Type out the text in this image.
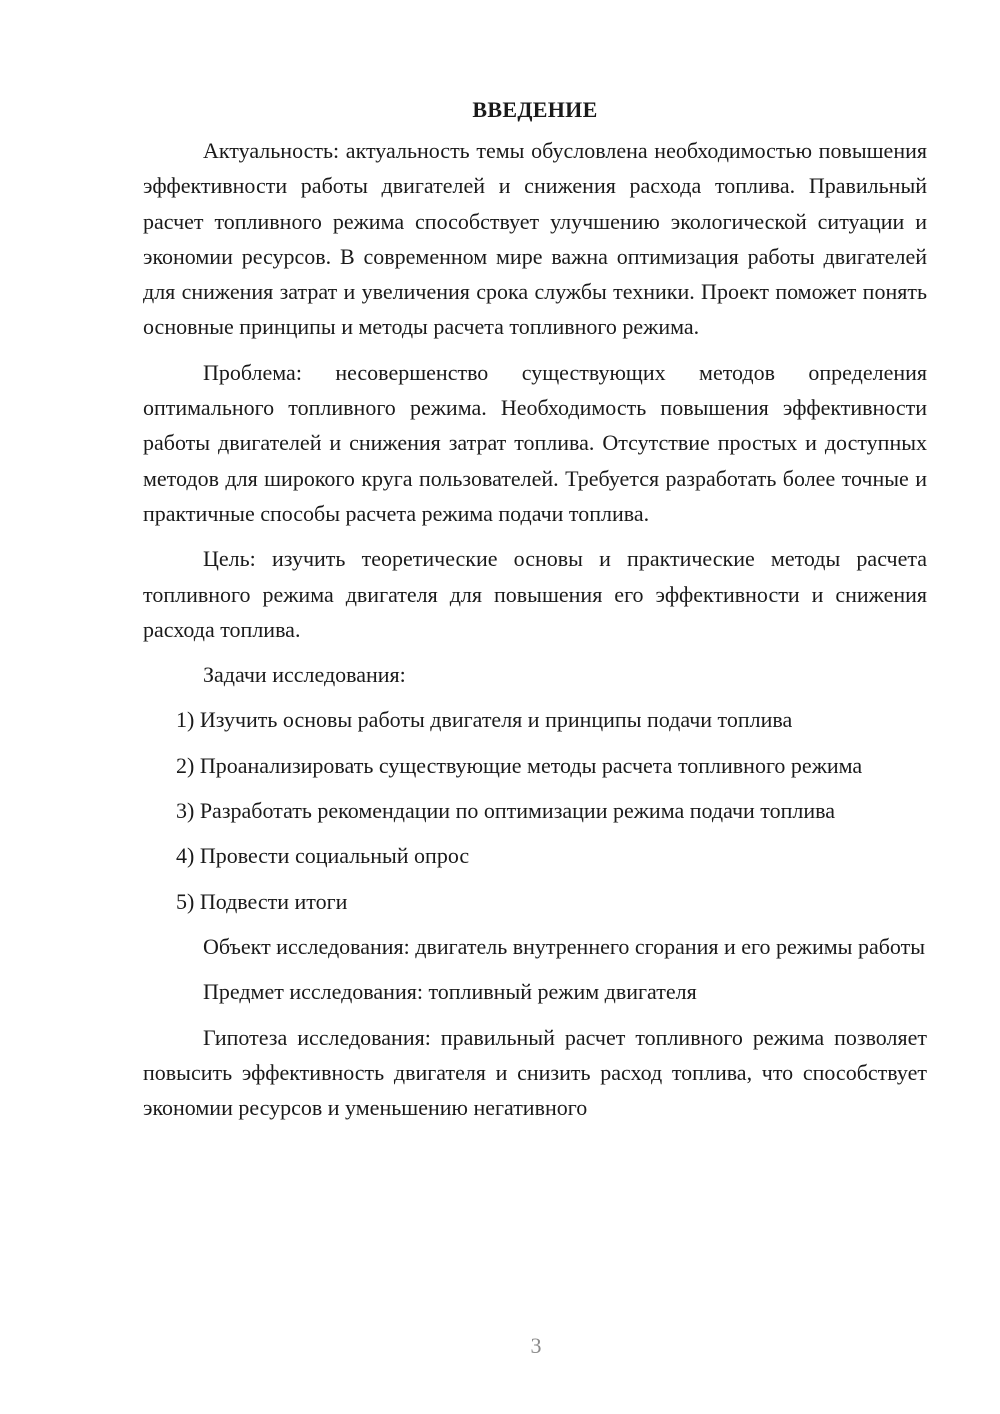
ВВЕДЕНИЕ

Актуальность: актуальность темы обусловлена необходимостью повышения эффективности работы двигателей и снижения расхода топлива. Правильный расчет топливного режима способствует улучшению экологической ситуации и экономии ресурсов. В современном мире важна оптимизация работы двигателей для снижения затрат и увеличения срока службы техники. Проект поможет понять основные принципы и методы расчета топливного режима.

Проблема: несовершенство существующих методов определения оптимального топливного режима. Необходимость повышения эффективности работы двигателей и снижения затрат топлива. Отсутствие простых и доступных методов для широкого круга пользователей. Требуется разработать более точные и практичные способы расчета режима подачи топлива.

Цель: изучить теоретические основы и практические методы расчета топливного режима двигателя для повышения его эффективности и снижения расхода топлива.

Задачи исследования:

1) Изучить основы работы двигателя и принципы подачи топлива

2) Проанализировать существующие методы расчета топливного режима

3) Разработать рекомендации по оптимизации режима подачи топлива

4) Провести социальный опрос

5) Подвести итоги

Объект исследования: двигатель внутреннего сгорания и его режимы работы

Предмет исследования: топливный режим двигателя

Гипотеза исследования: правильный расчет топливного режима позволяет повысить эффективность двигателя и снизить расход топлива, что способствует экономии ресурсов и уменьшению негативного

3
